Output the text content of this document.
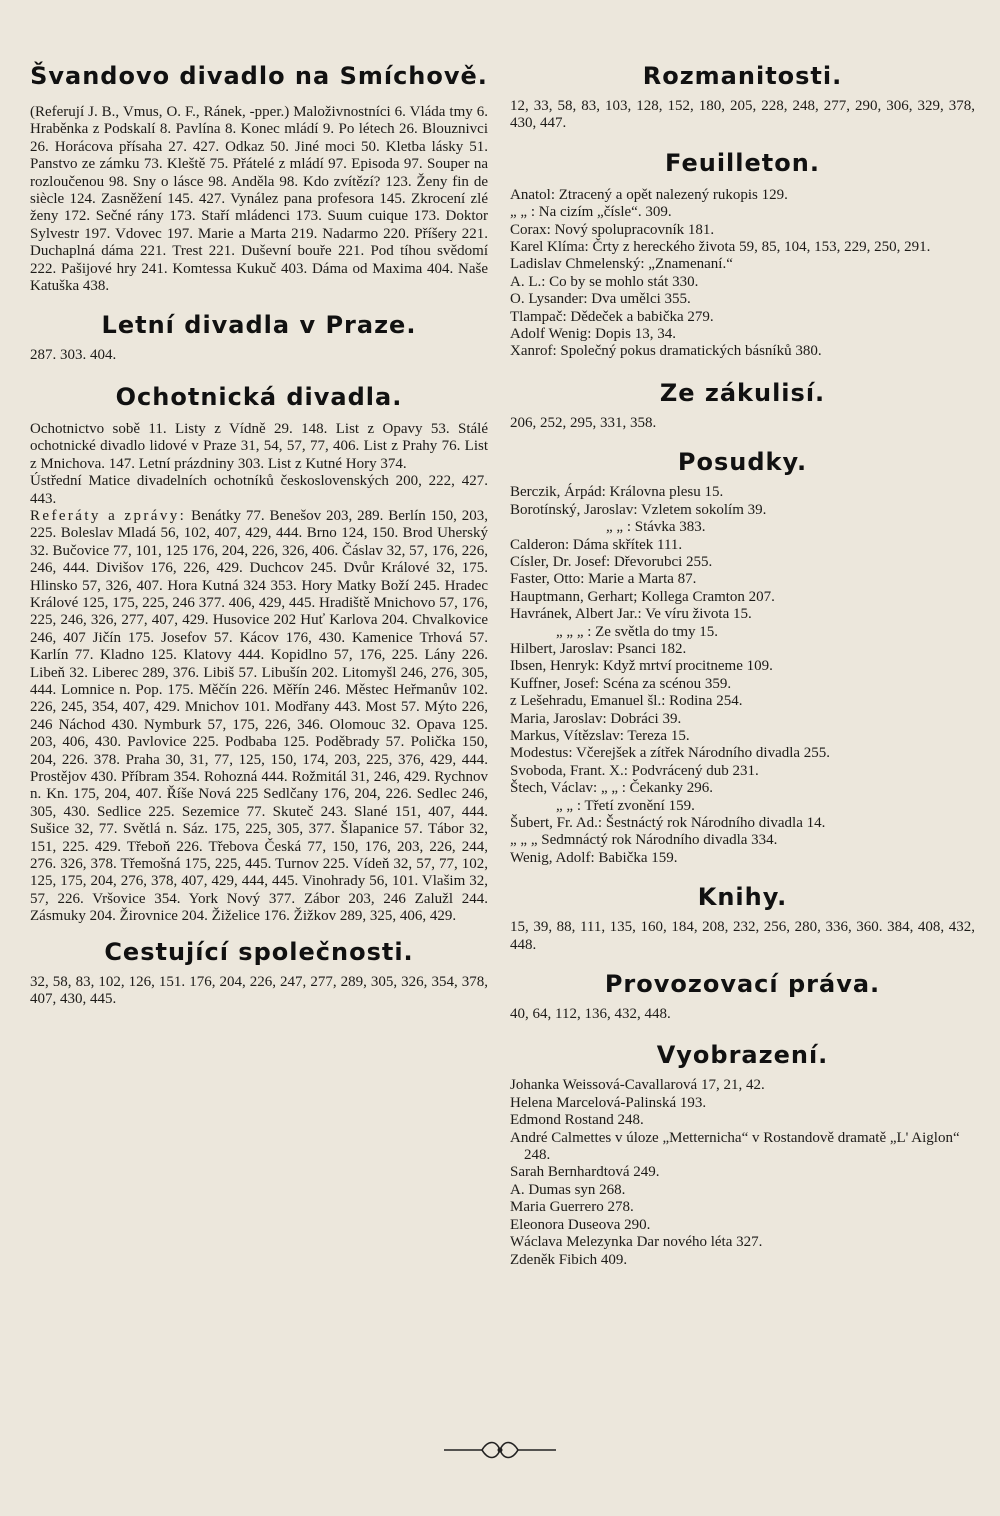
Švandovo divadlo na Smíchově.

(Referují J. B., Vmus, O. F., Ránek, -pper.) Maloživnostníci 6. Vláda tmy 6. Hraběnka z Podskalí 8. Pavlína 8. Konec mládí 9. Po létech 26. Blouznivci 26. Horácova přísaha 27. 427. Odkaz 50. Jiné moci 50. Kletba lásky 51. Panstvo ze zámku 73. Kleště 75. Přátelé z mládí 97. Episoda 97. Souper na rozloučenou 98. Sny o lásce 98. Anděla 98. Kdo zvítězí? 123. Ženy fin de siècle 124. Zasněžení 145. 427. Vynález pana profesora 145. Zkrocení zlé ženy 172. Sečné rány 173. Staří mládenci 173. Suum cuique 173. Doktor Sylvestr 197. Vdovec 197. Marie a Marta 219. Nadarmo 220. Příšery 221. Duchaplná dáma 221. Trest 221. Duševní bouře 221. Pod tíhou svědomí 222. Pašijové hry 241. Komtessa Kukuč 403. Dáma od Maxima 404. Naše Katuška 438.

Letní divadla v Praze.

287. 303. 404.

Ochotnická divadla.

Ochotnictvo sobě 11. Listy z Vídně 29. 148. List z Opavy 53. Stálé ochotnické divadlo lidové v Praze 31, 54, 57, 77, 406. List z Prahy 76. List z Mnichova. 147. Letní prázdniny 303. List z Kutné Hory 374.

Ústřední Matice divadelních ochotníků československých 200, 222, 427. 443.

Referáty a zprávy: Benátky 77. Benešov 203, 289. Berlín 150, 203, 225. Boleslav Mladá 56, 102, 407, 429, 444. Brno 124, 150. Brod Uherský 32. Bučovice 77, 101, 125 176, 204, 226, 326, 406. Čáslav 32, 57, 176, 226, 246, 444. Divišov 176, 226, 429. Duchcov 245. Dvůr Králové 32, 175. Hlinsko 57, 326, 407. Hora Kutná 324 353. Hory Matky Boží 245. Hradec Králové 125, 175, 225, 246 377. 406, 429, 445. Hradiště Mnichovo 57, 176, 225, 246, 326, 277, 407, 429. Husovice 202 Huť Karlova 204. Chvalkovice 246, 407 Jičín 175. Josefov 57. Kácov 176, 430. Kamenice Trhová 57. Karlín 77. Kladno 125. Klatovy 444. Kopidlno 57, 176, 225. Lány 226. Libeň 32. Liberec 289, 376. Libiš 57. Libušín 202. Litomyšl 246, 276, 305, 444. Lomnice n. Pop. 175. Měčín 226. Měřín 246. Městec Heřmanův 102. 226, 245, 354, 407, 429. Mnichov 101. Modřany 443. Most 57. Mýto 226, 246 Náchod 430. Nymburk 57, 175, 226, 346. Olomouc 32. Opava 125. 203, 406, 430. Pavlovice 225. Podbaba 125. Poděbrady 57. Polička 150, 204, 226. 378. Praha 30, 31, 77, 125, 150, 174, 203, 225, 376, 429, 444. Prostějov 430. Příbram 354. Rohozná 444. Rožmitál 31, 246, 429. Rychnov n. Kn. 175, 204, 407. Říše Nová 225 Sedlčany 176, 204, 226. Sedlec 246, 305, 430. Sedlice 225. Sezemice 77. Skuteč 243. Slané 151, 407, 444. Sušice 32, 77. Světlá n. Sáz. 175, 225, 305, 377. Šlapanice 57. Tábor 32, 151, 225. 429. Třeboň 226. Třebova Česká 77, 150, 176, 203, 226, 244, 276. 326, 378. Třemošná 175, 225, 445. Turnov 225. Vídeň 32, 57, 77, 102, 125, 175, 204, 276, 378, 407, 429, 444, 445. Vinohrady 56, 101. Vlašim 32, 57, 226. Vršovice 354. York Nový 377. Zábor 203, 246 Zalužl 244. Zásmuky 204. Žirovnice 204. Žiželice 176. Žižkov 289, 325, 406, 429.

Cestující společnosti.

32, 58, 83, 102, 126, 151. 176, 204, 226, 247, 277, 289, 305, 326, 354, 378, 407, 430, 445.

Rozmanitosti.

12, 33, 58, 83, 103, 128, 152, 180, 205, 228, 248, 277, 290, 306, 329, 378, 430, 447.

Feuilleton.
Anatol: Ztracený a opět nalezený rukopis 129.
„ „ : Na cizím „čísle“. 309.
Corax: Nový spolupracovník 181.
Karel Klíma: Črty z hereckého života 59, 85, 104, 153, 229, 250, 291.
Ladislav Chmelenský: „Znamenaní.“
A. L.: Co by se mohlo stát 330.
O. Lysander: Dva umělci 355.
Tlampač: Dědeček a babička 279.
Adolf Wenig: Dopis 13, 34.
Xanrof: Společný pokus dramatických básníků 380.
Ze zákulisí.

206, 252, 295, 331, 358.

Posudky.
Berczik, Árpád: Královna plesu 15.
Borotínský, Jaroslav: Vzletem sokolím 39.
„ „ : Stávka 383.
Calderon: Dáma skřítek 111.
Císler, Dr. Josef: Dřevorubci 255.
Faster, Otto: Marie a Marta 87.
Hauptmann, Gerhart; Kollega Cramton 207.
Havránek, Albert Jar.: Ve víru života 15.
„ „ „ : Ze světla do tmy 15.
Hilbert, Jaroslav: Psanci 182.
Ibsen, Henryk: Když mrtví procitneme 109.
Kuffner, Josef: Scéna za scénou 359.
z Lešehradu, Emanuel šl.: Rodina 254.
Maria, Jaroslav: Dobráci 39.
Markus, Vítězslav: Tereza 15.
Modestus: Včerejšek a zítřek Národního divadla 255.
Svoboda, Frant. X.: Podvrácený dub 231.
Štech, Václav: „ „ : Čekanky 296.
„ „ : Třetí zvonění 159.
Šubert, Fr. Ad.: Šestnáctý rok Národního divadla 14.
„ „ „ Sedmnáctý rok Národního divadla 334.
Wenig, Adolf: Babička 159.
Knihy.

15, 39, 88, 111, 135, 160, 184, 208, 232, 256, 280, 336, 360. 384, 408, 432, 448.

Provozovací práva.

40, 64, 112, 136, 432, 448.

Vyobrazení.
Johanka Weissová-Cavallarová 17, 21, 42.
Helena Marcelová-Palinská 193.
Edmond Rostand 248.
André Calmettes v úloze „Metternicha“ v Rostandově dramatě „L' Aiglon“ 248.
Sarah Bernhardtová 249.
A. Dumas syn 268.
Maria Guerrero 278.
Eleonora Duseova 290.
Wáclava Melezynka Dar nového léta 327.
Zdeněk Fibich 409.
